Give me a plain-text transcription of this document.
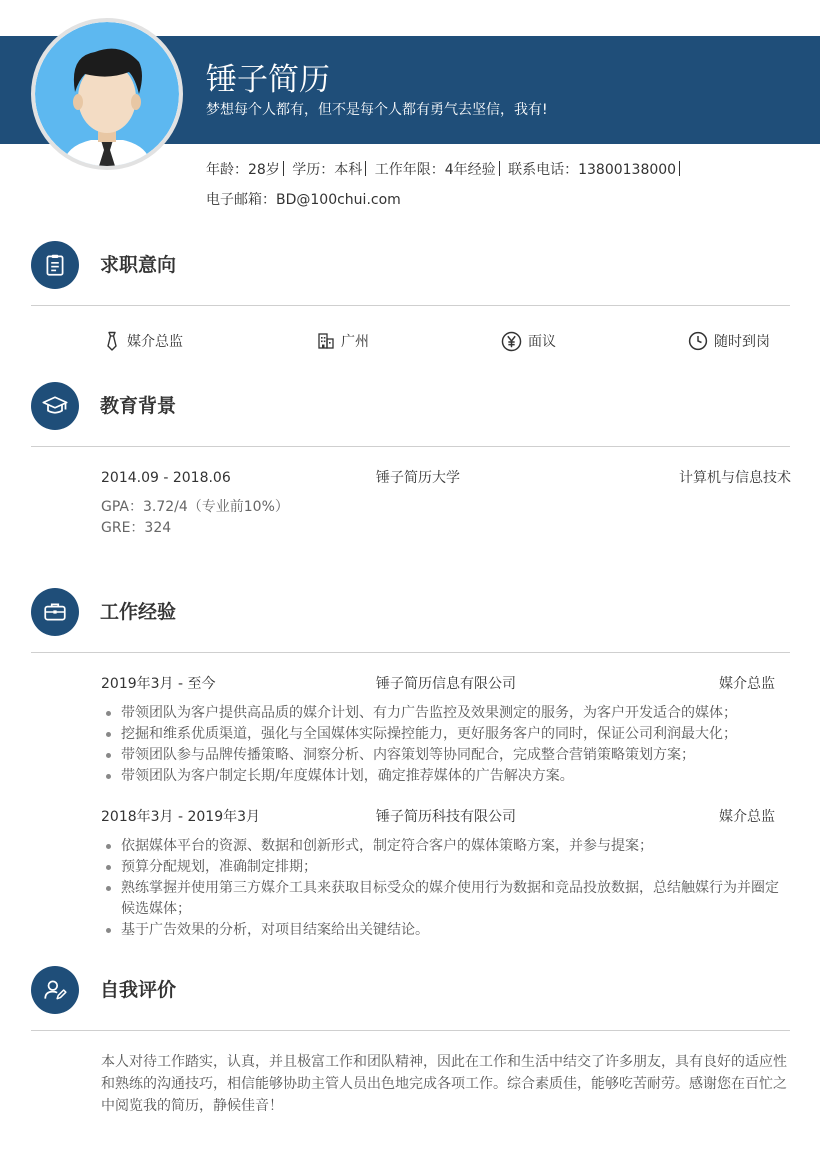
锤子简历
梦想每个人都有，但不是每个人都有勇气去坚信，我有!
年龄：28岁 学历：本科 工作年限：4年经验 联系电话：13800138000 电子邮箱：BD@100chui.com
求职意向
媒介总监	广州	面议	随时到岗
教育背景
2014.09 - 2018.06	锤子简历大学	计算机与信息技术
GPA：3.72/4（专业前10%）
GRE：324
工作经验
2019年3月 - 至今	锤子简历信息有限公司	媒介总监
带领团队为客户提供高品质的媒介计划、有力广告监控及效果测定的服务，为客户开发适合的媒体；
挖掘和维系优质渠道，强化与全国媒体实际操控能力，更好服务客户的同时，保证公司利润最大化；
带领团队参与品牌传播策略、洞察分析、内容策划等协同配合，完成整合营销策略策划方案；
带领团队为客户制定长期/年度媒体计划，确定推荐媒体的广告解决方案。
2018年3月 - 2019年3月	锤子简历科技有限公司	媒介总监
依据媒体平台的资源、数据和创新形式，制定符合客户的媒体策略方案，并参与提案；
预算分配规划，准确制定排期；
熟练掌握并使用第三方媒介工具来获取目标受众的媒介使用行为数据和竞品投放数据，总结触媒行为并圈定候选媒体；
基于广告效果的分析，对项目结案给出关键结论。
自我评价
本人对待工作踏实，认真，并且极富工作和团队精神，因此在工作和生活中结交了许多朋友，具有良好的适应性和熟练的沟通技巧，相信能够协助主管人员出色地完成各项工作。综合素质佳，能够吃苦耐劳。感谢您在百忙之中阅览我的简历，静候佳音！
